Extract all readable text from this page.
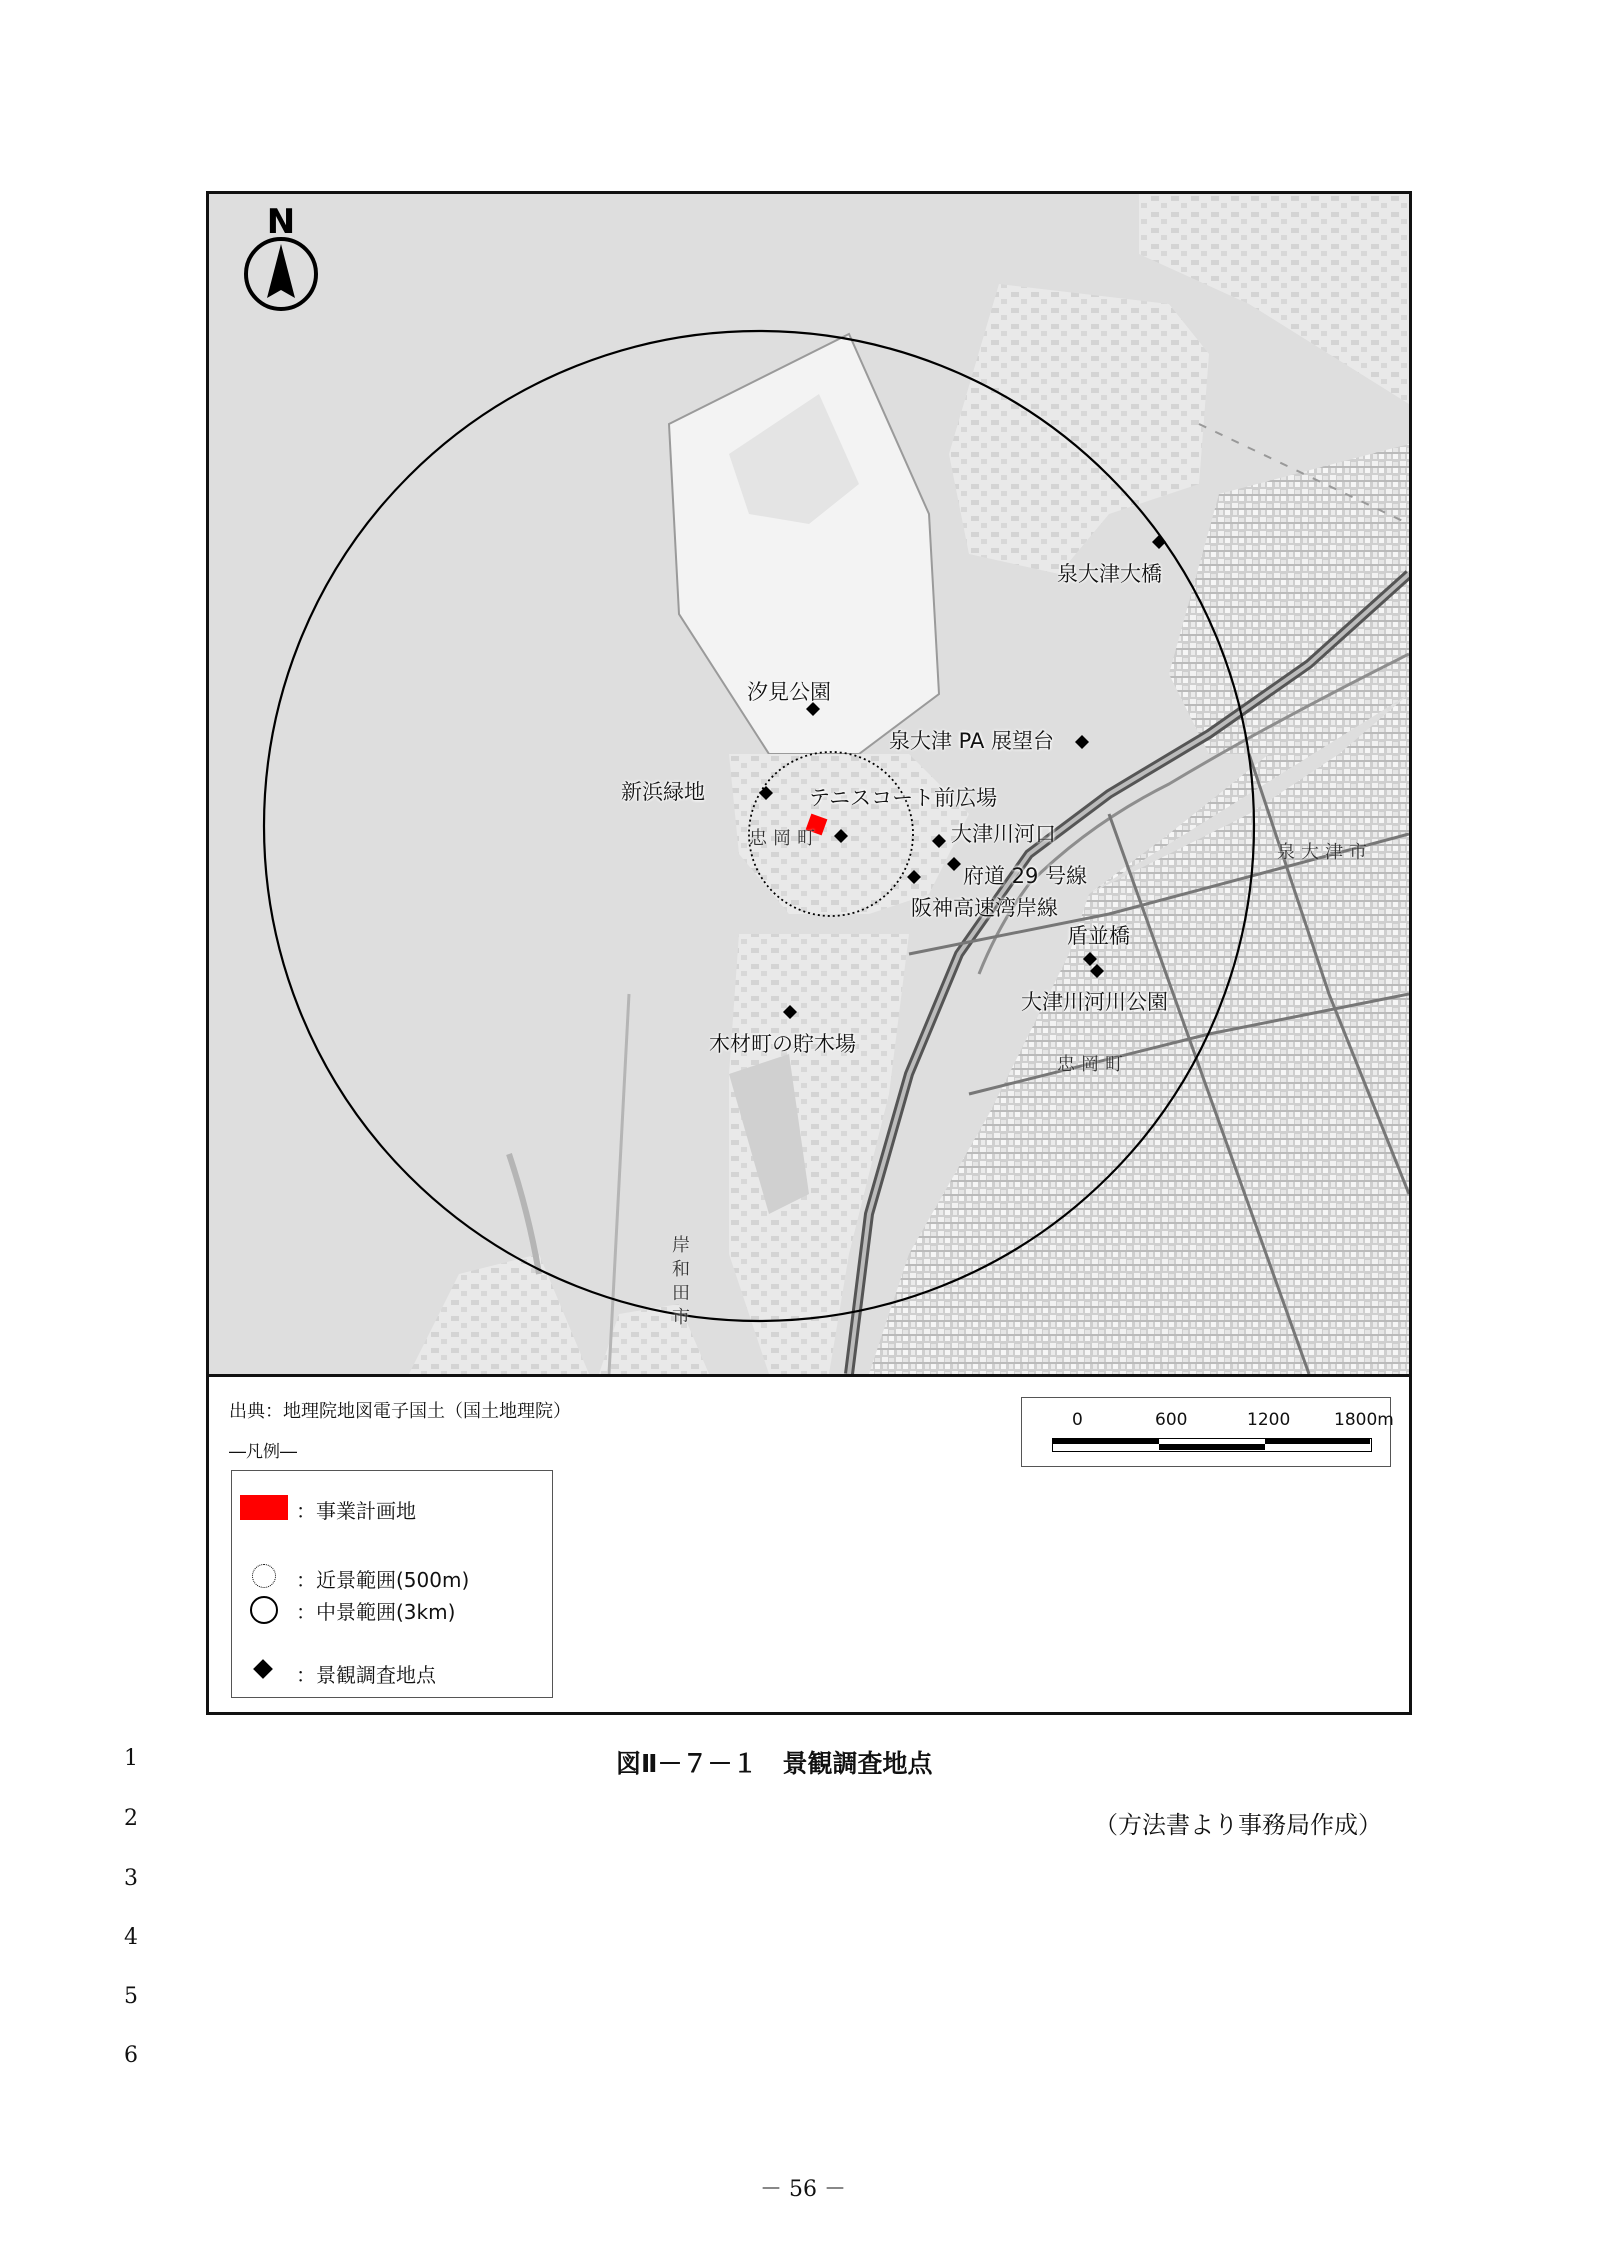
N
忠岡町
泉大津市
忠岡町
岸和田市
泉大津大橋
汐見公園
泉大津 PA 展望台
新浜緑地	テニスコート前広場
大津川河口
府道 29 号線
阪神高速湾岸線
盾並橋
大津川河川公園
木材町の貯木場
出典：地理院地図電子国土（国土地理院）
―凡例―
：事業計画地
：近景範囲(500m)
：中景範囲(3km)
：景観調査地点
0	600	1200	1800m
図Ⅱ－７－１　景観調査地点
（方法書より事務局作成）
1
2
3
4
5
6
－ 56 －
